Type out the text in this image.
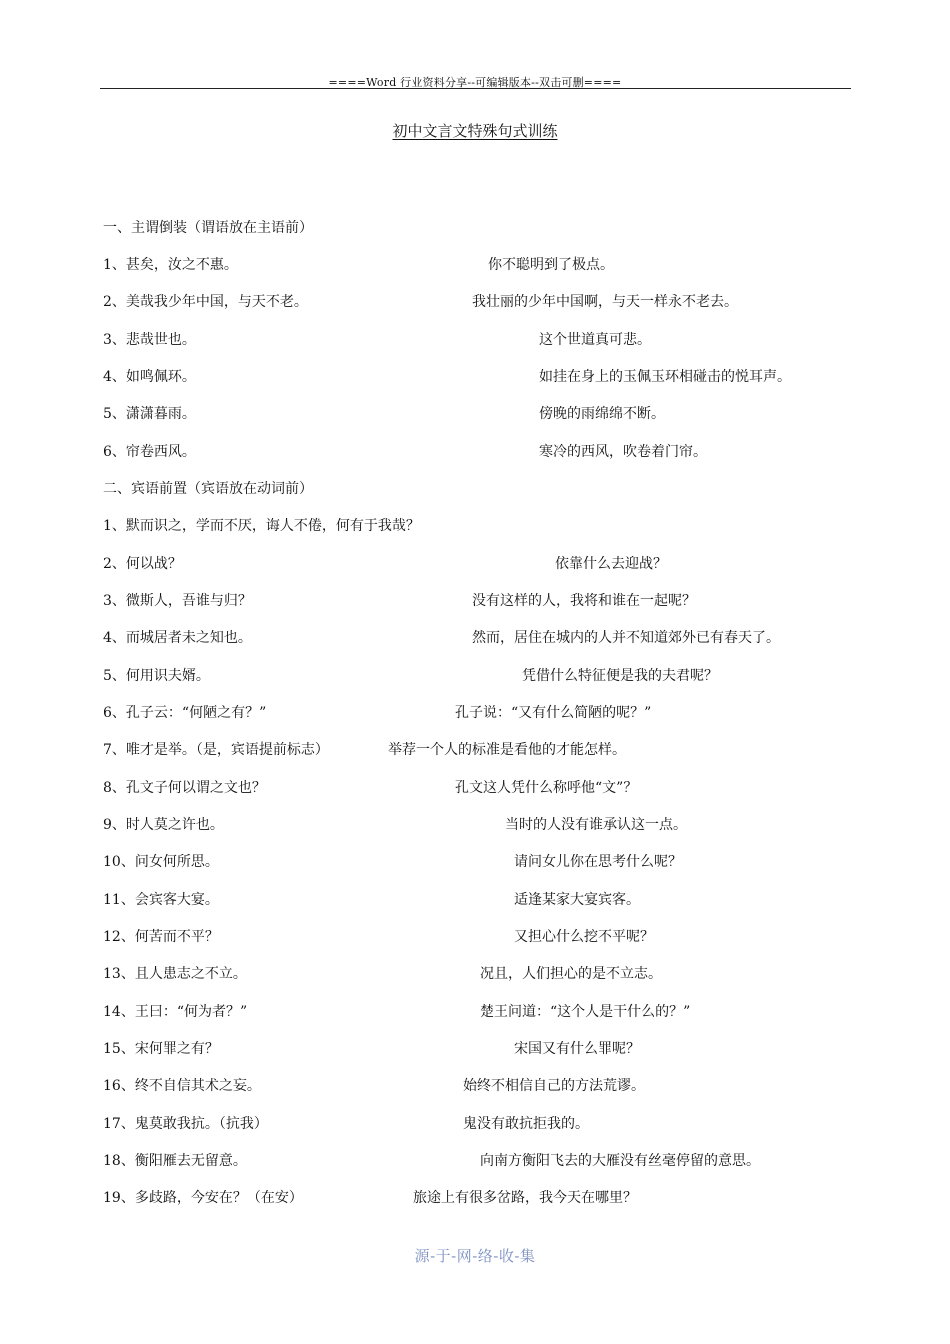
====Word 行业资料分享--可编辑版本--双击可删====
初中文言文特殊句式训练
一、主谓倒装（谓语放在主语前）
1、甚矣，汝之不惠。	你不聪明到了极点。
2、美哉我少年中国，与天不老。	我壮丽的少年中国啊，与天一样永不老去。
3、悲哉世也。	这个世道真可悲。
4、如鸣佩环。	如挂在身上的玉佩玉环相碰击的悦耳声。
5、潇潇暮雨。	傍晚的雨绵绵不断。
6、帘卷西风。	寒冷的西风，吹卷着门帘。
二、宾语前置（宾语放在动词前）
1、默而识之，学而不厌，诲人不倦，何有于我哉？
2、何以战？	依靠什么去迎战？
3、微斯人，吾谁与归？	没有这样的人，我将和谁在一起呢？
4、而城居者未之知也。	然而，居住在城内的人并不知道郊外已有春天了。
5、何用识夫婿。	凭借什么特征便是我的夫君呢？
6、孔子云：“何陋之有？”	孔子说：“又有什么简陋的呢？”
7、唯才是举。（是，宾语提前标志）	举荐一个人的标准是看他的才能怎样。
8、孔文子何以谓之文也？	孔文这人凭什么称呼他“文”？
9、时人莫之许也。	当时的人没有谁承认这一点。
10、问女何所思。	请问女儿你在思考什么呢？
11、会宾客大宴。	适逢某家大宴宾客。
12、何苦而不平？	又担心什么挖不平呢？
13、且人患志之不立。	况且，人们担心的是不立志。
14、王曰：“何为者？”	楚王问道：“这个人是干什么的？”
15、宋何罪之有？	宋国又有什么罪呢？
16、终不自信其术之妄。	始终不相信自己的方法荒谬。
17、鬼莫敢我抗。（抗我）	鬼没有敢抗拒我的。
18、衡阳雁去无留意。	向南方衡阳飞去的大雁没有丝毫停留的意思。
19、多歧路，今安在？（在安）	旅途上有很多岔路，我今天在哪里？
源-于-网-络-收-集
